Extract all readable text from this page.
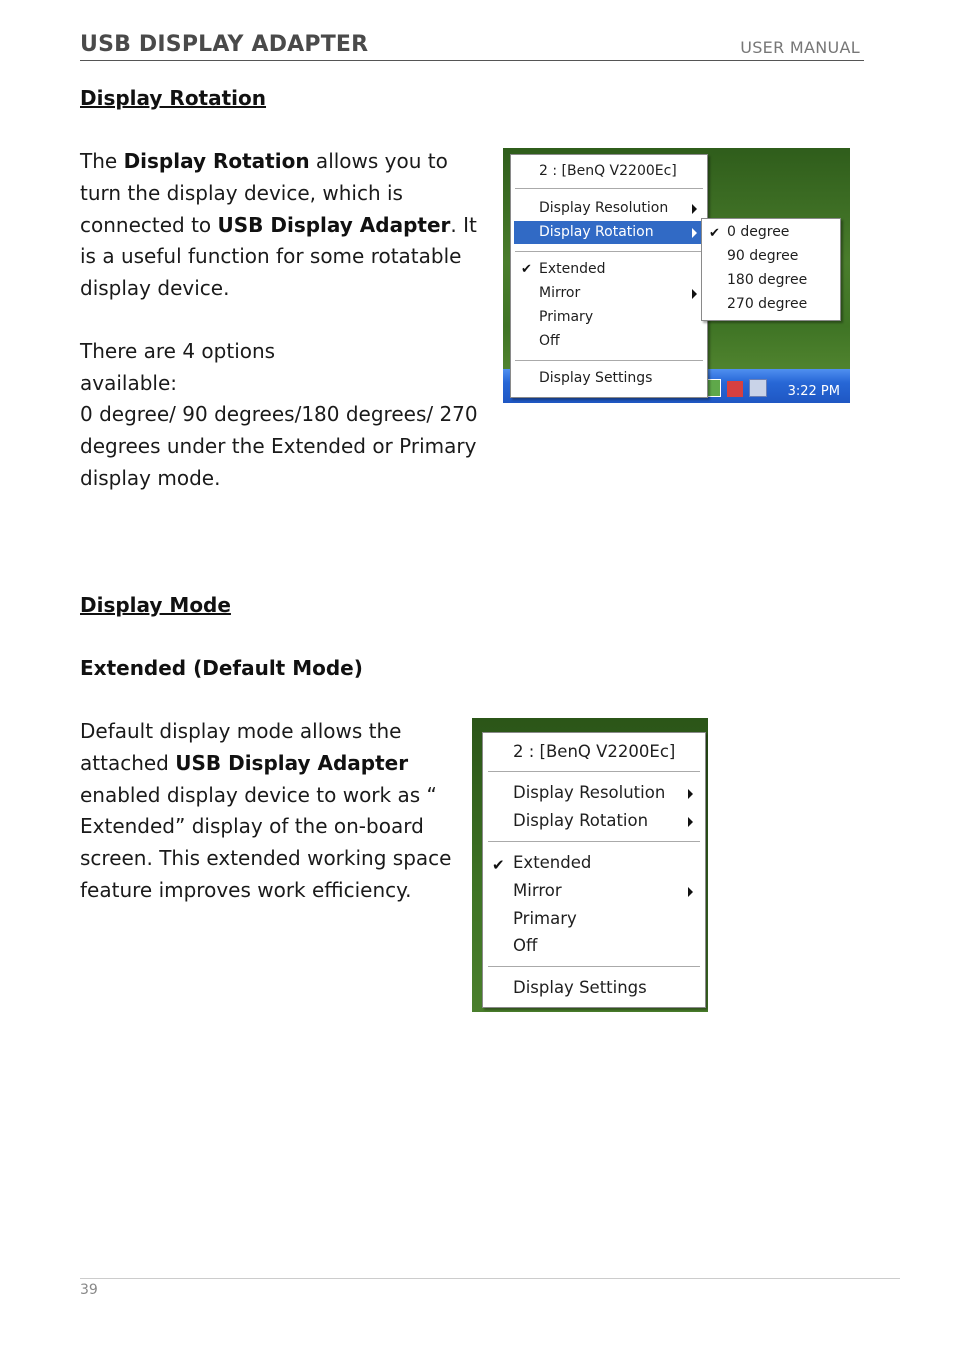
USB DISPLAY ADAPTER	USER MANUAL
Display Rotation
The Display Rotation allows you to turn the display device, which is connected to USB Display Adapter. It is a useful function for some rotatable display device.
There are 4 options available:
0 degree/ 90 degrees/180 degrees/ 270 degrees under the Extended or Primary display mode.
3:22 PM
2 : [BenQ V2200Ec]
Display Resolution
Display Rotation
✔ Extended
Mirror
Primary
Off
Display Settings
✔ 0 degree
90 degree
180 degree
270 degree
Display Mode
Extended (Default Mode)
Default display mode allows the attached USB Display Adapter enabled display device to work as “ Extended” display of the on-board screen. This extended working space feature improves work efficiency.
2 : [BenQ V2200Ec]
Display Resolution
Display Rotation
✔ Extended
Mirror
Primary
Off
Display Settings
39
